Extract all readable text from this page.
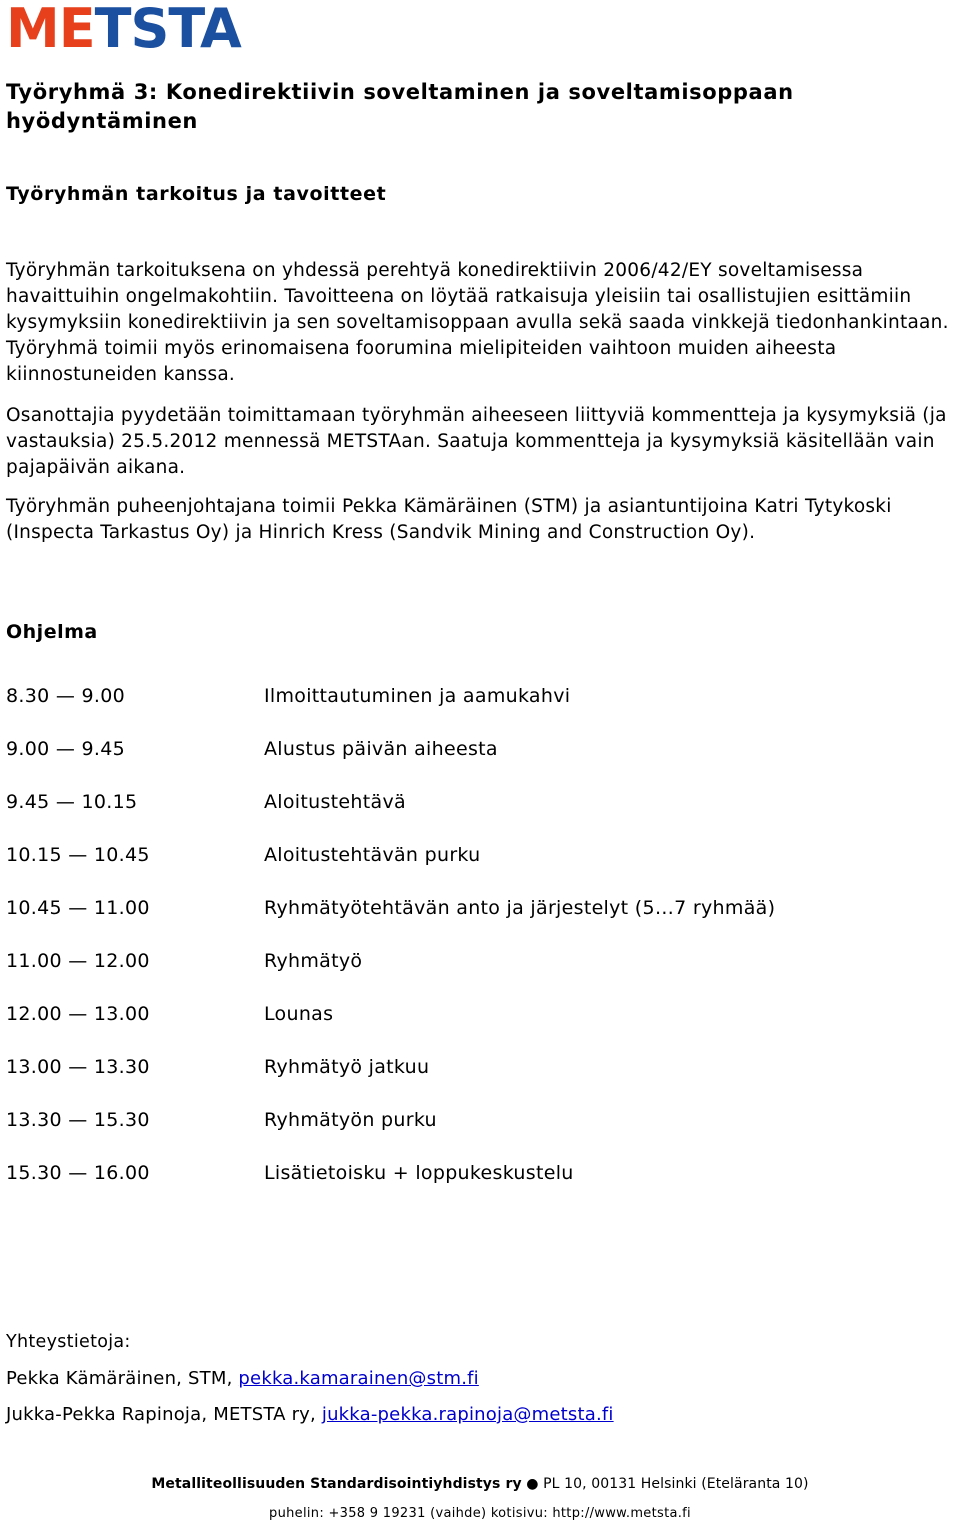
METSTA
Työryhmä 3: Konedirektiivin soveltaminen ja soveltamisoppaan hyödyntäminen
Työryhmän tarkoitus ja tavoitteet

Työryhmän tarkoituksena on yhdessä perehtyä konedirektiivin 2006/42/EY soveltamisessa havaittuihin ongelmakohtiin. Tavoitteena on löytää ratkaisuja yleisiin tai osallistujien esittämiin kysymyksiin konedirektiivin ja sen soveltamisoppaan avulla sekä saada vinkkejä tiedonhankintaan. Työryhmä toimii myös erinomaisena foorumina mielipiteiden vaihtoon muiden aiheesta kiinnostuneiden kanssa.

Osanottajia pyydetään toimittamaan työryhmän aiheeseen liittyviä kommentteja ja kysymyksiä (ja vastauksia) 25.5.2012 mennessä METSTAan. Saatuja kommentteja ja kysymyksiä käsitellään vain pajapäivän aikana.

Työryhmän puheenjohtajana toimii Pekka Kämäräinen (STM) ja asiantuntijoina Katri Tytykoski (Inspecta Tarkastus Oy) ja Hinrich Kress (Sandvik Mining and Construction Oy).

Ohjelma
8.30 — 9.00	Ilmoittautuminen ja aamukahvi
9.00 — 9.45	Alustus päivän aiheesta
9.45 — 10.15	Aloitustehtävä
10.15 — 10.45	Aloitustehtävän purku
10.45 — 11.00	Ryhmätyötehtävän anto ja järjestelyt (5…7 ryhmää)
11.00 — 12.00	Ryhmätyö
12.00 — 13.00	Lounas
13.00 — 13.30	Ryhmätyö jatkuu
13.30 — 15.30	Ryhmätyön purku
15.30 — 16.00	Lisätietoisku + loppukeskustelu
Yhteystietoja:
Pekka Kämäräinen, STM, pekka.kamarainen@stm.fi
Jukka-Pekka Rapinoja, METSTA ry, jukka-pekka.rapinoja@metsta.fi
Metalliteollisuuden Standardisointiyhdistys ry ● PL 10, 00131 Helsinki (Eteläranta 10)
puhelin: +358 9 19231 (vaihde) kotisivu: http://www.metsta.fi
